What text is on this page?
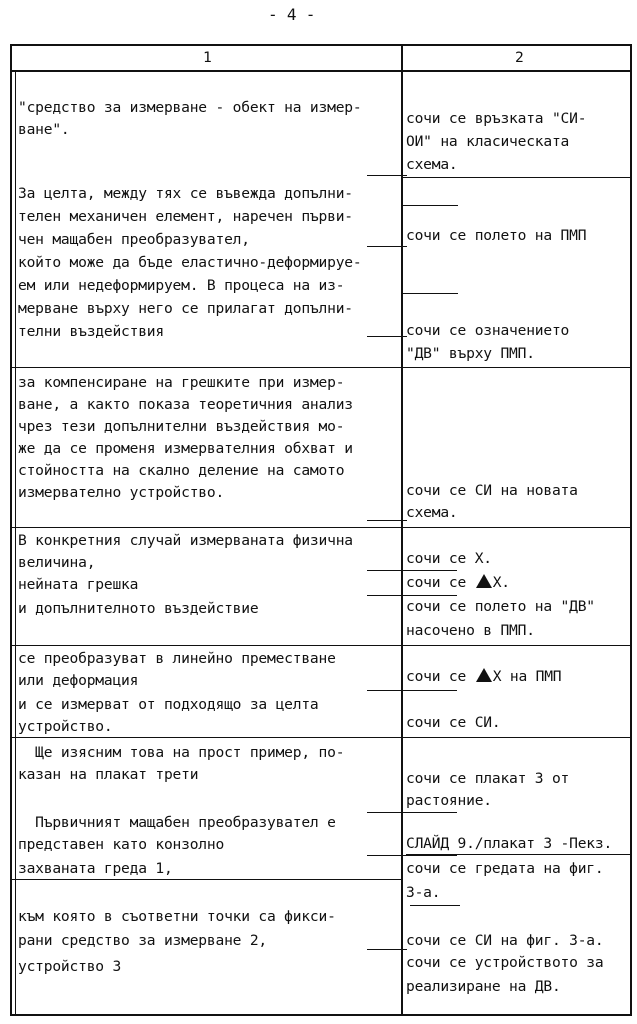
- 4 -
1	2
"средство за измерване - обект на измер-
ване".
За целта, между тях се въвежда допълни-
телен механичен елемент, наречен първи-
чен мащабен преобразувател,
който може да бъде еластично-деформируе-
ем или недеформируем. В процеса на из-
мерване върху него се прилагат допълни-
телни въздействия
за компенсиране на грешките при измер-
ване, а както показа теоретичния анализ
чрез тези допълнителни въздействия мо-
же да се променя измервателния обхват и
стойността на скално деление на самото
измервателно устройство.
В конкретния случай измерваната физична
величина,
нейната грешка
и допълнителното въздействие
се преобразуват в линейно преместване
или деформация
и се измерват от подходящо за целта
устройство.
Ще изясним това на прост пример, по-
казан на плакат трети
Първичният мащабен преобразувател е
представен като конзолно
захваната греда 1,
към която в съответни точки са фикси-
рани средство за измерване 2,
устройство 3
сочи се връзката "СИ-
ОИ" на класическата
схема.
сочи се полето на ПМП
сочи се означението
"ДВ" върху ПМП.
сочи се СИ на новата
схема.
сочи се Х.
сочи се Х.
сочи се полето на "ДВ"
насочено в ПМП.
сочи се Х на ПМП
сочи се СИ.
сочи се плакат 3 от
растояние.
СЛАЙД 9./плакат 3 -Пекз.
сочи се гредата на фиг.
3-а.
сочи се СИ на фиг. 3-а.
сочи се устройството за
реализиране на ДВ.
